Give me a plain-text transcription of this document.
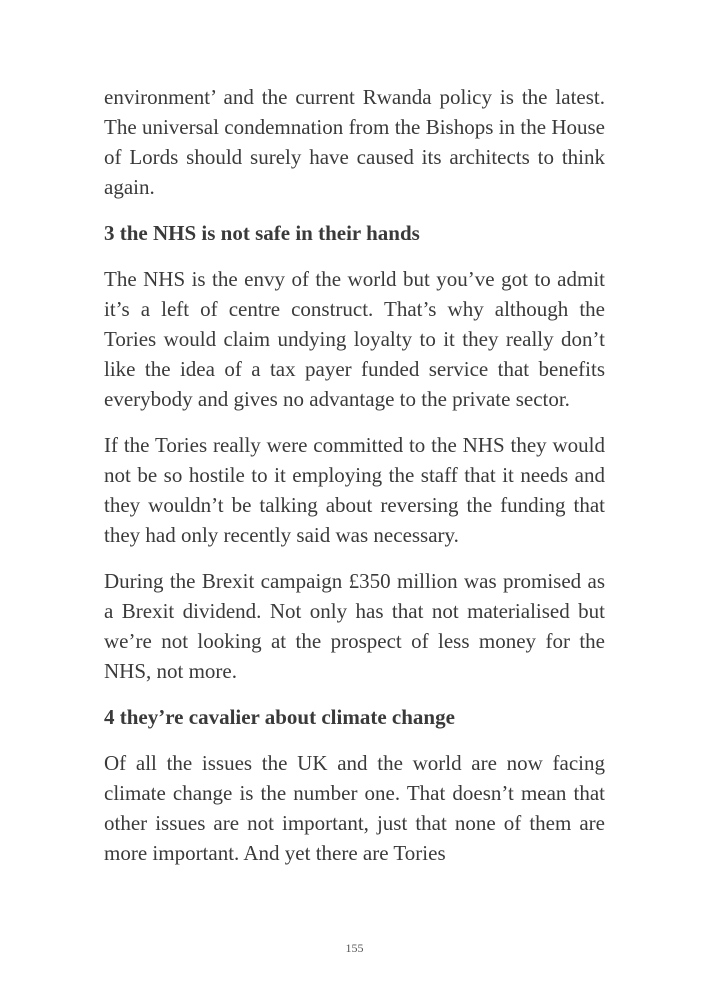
environment’ and the current Rwanda policy is the latest. The universal condemnation from the Bishops in the House of Lords should surely have caused its architects to think again.

3 the NHS is not safe in their hands

The NHS is the envy of the world but you’ve got to admit it’s a left of centre construct. That’s why although the Tories would claim undying loyalty to it they really don’t like the idea of a tax payer funded service that benefits everybody and gives no advantage to the private sector.

If the Tories really were committed to the NHS they would not be so hostile to it employing the staff that it needs and they wouldn’t be talking about reversing the funding that they had only recently said was necessary.

During the Brexit campaign £350 million was promised as a Brexit dividend. Not only has that not materialised but we’re not looking at the prospect of less money for the NHS, not more.

4 they’re cavalier about climate change

Of all the issues the UK and the world are now facing climate change is the number one. That doesn’t mean that other issues are not important, just that none of them are more important. And yet there are Tories

155
